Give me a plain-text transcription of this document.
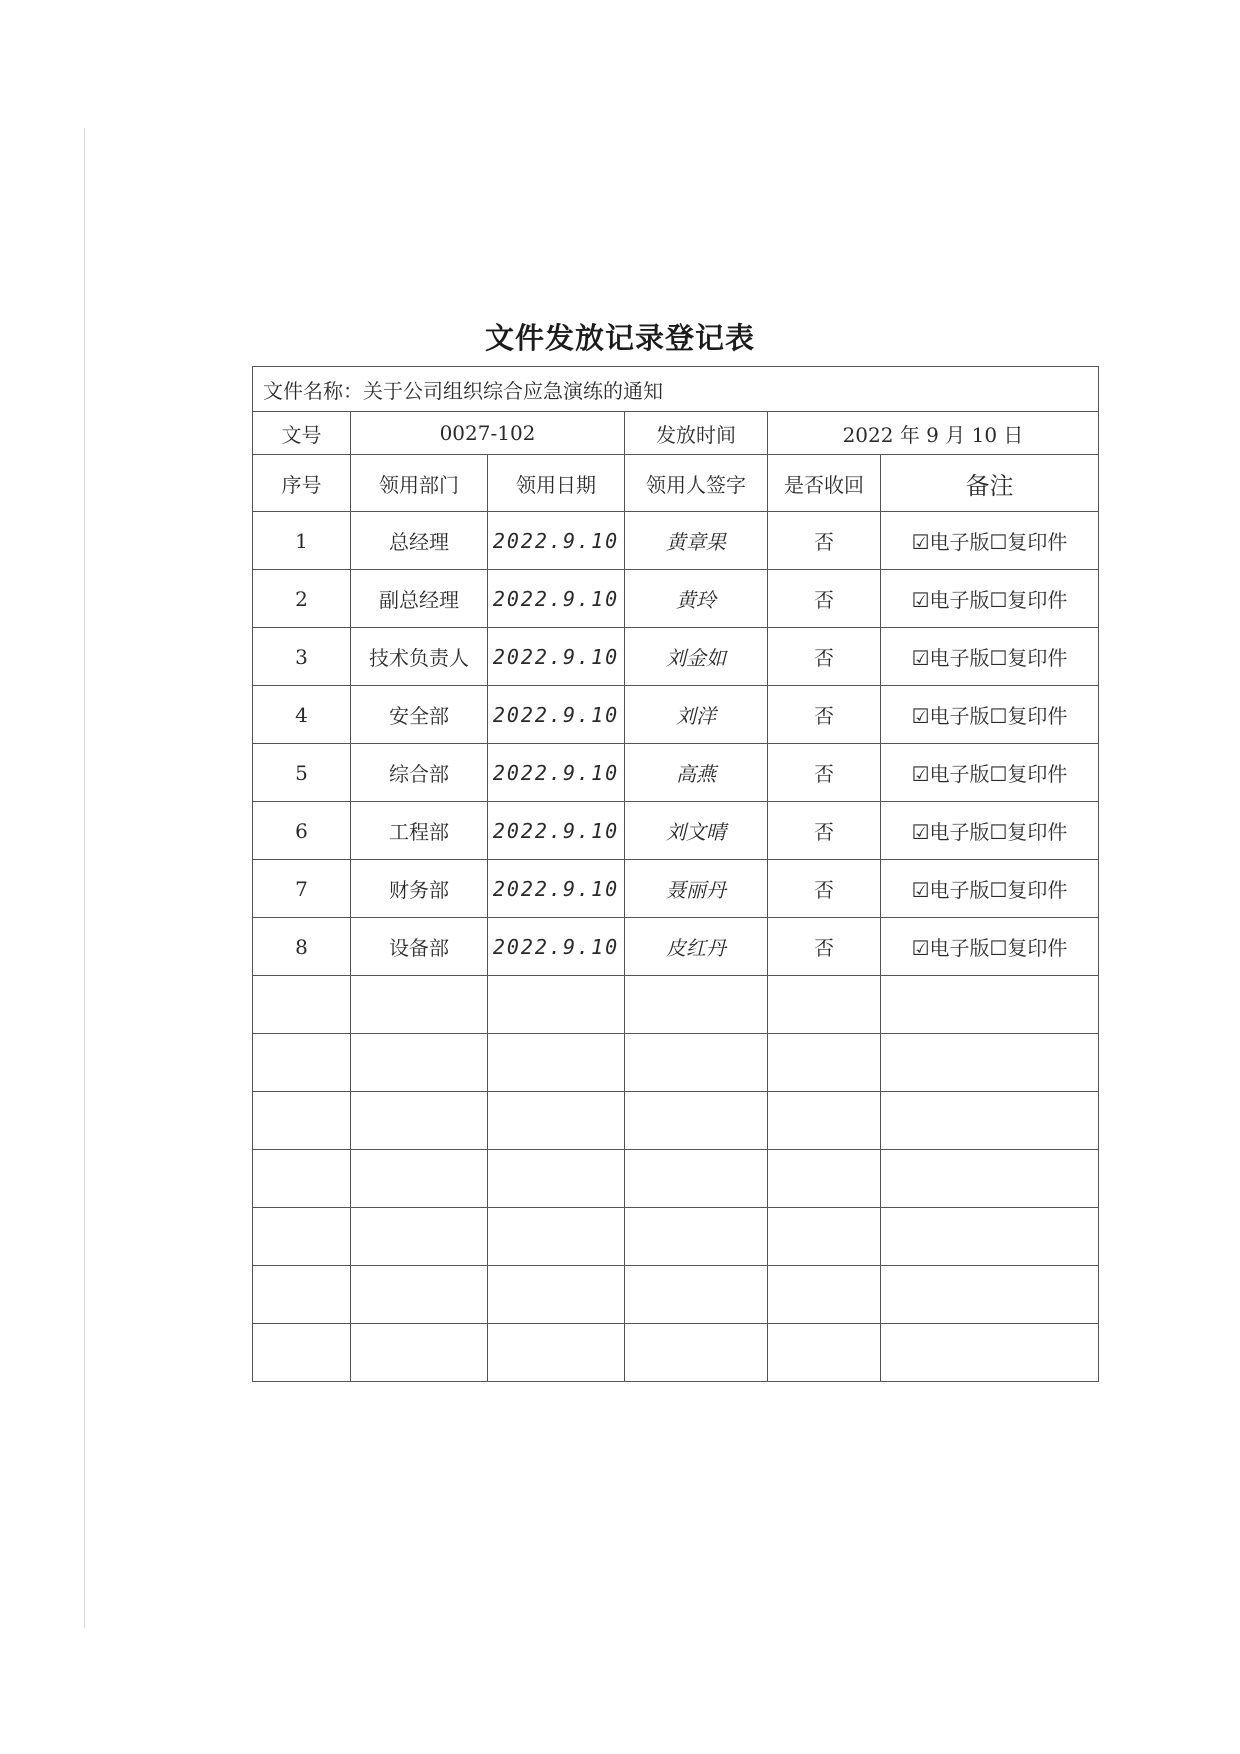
文件发放记录登记表
文件名称：关于公司组织综合应急演练的通知					
文号	0027-102		发放时间	2022 年 9 月 10 日	
序号	领用部门	领用日期	领用人签字	是否收回	备注
1	总经理	2022.9.10	黄章果	否	☑电子版☐复印件
2	副总经理	2022.9.10	黄玲	否	☑电子版☐复印件
3	技术负责人	2022.9.10	刘金如	否	☑电子版☐复印件
4	安全部	2022.9.10	刘洋	否	☑电子版☐复印件
5	综合部	2022.9.10	高燕	否	☑电子版☐复印件
6	工程部	2022.9.10	刘文晴	否	☑电子版☐复印件
7	财务部	2022.9.10	聂丽丹	否	☑电子版☐复印件
8	设备部	2022.9.10	皮红丹	否	☑电子版☐复印件
